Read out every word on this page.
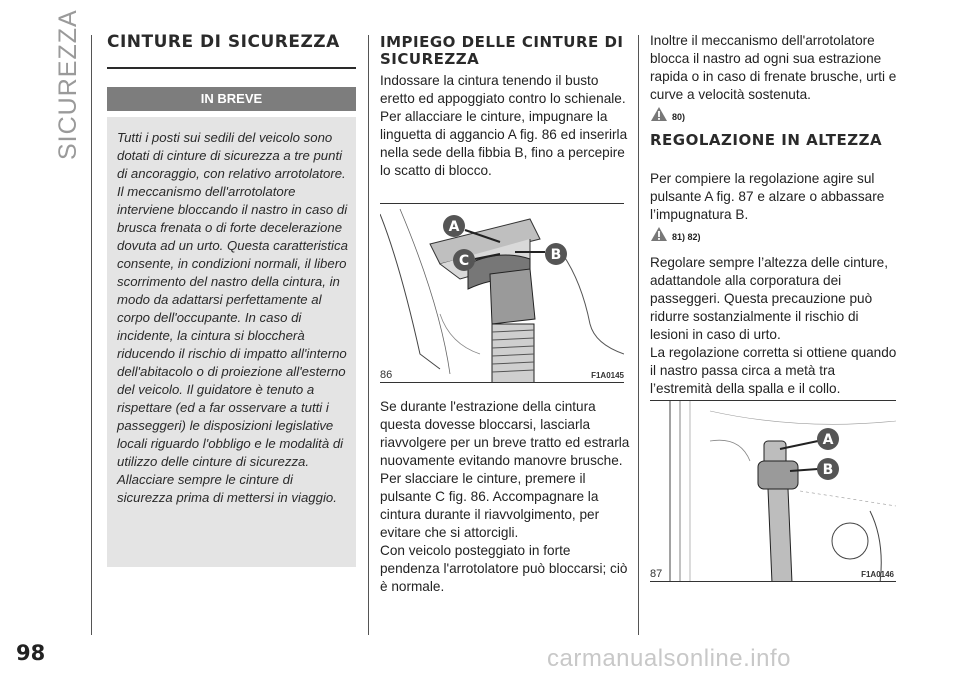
SICUREZZA CINTURE DI SICUREZZA
IN BREVE

Tutti i posti sui sedili del veicolo sono dotati di cinture di sicurezza a tre punti di ancoraggio, con relativo arrotolatore. Il meccanismo dell'arrotolatore interviene bloccando il nastro in caso di brusca frenata o di forte decelerazione dovuta ad un urto. Questa caratteristica consente, in condizioni normali, il libero scorrimento del nastro della cintura, in modo da adattarsi perfettamente al corpo dell'occupante. In caso di incidente, la cintura si bloccherà riducendo il rischio di impatto all'interno dell'abitacolo o di proiezione all'esterno del veicolo. Il guidatore è tenuto a rispettare (ed a far osservare a tutti i passeggeri) le disposizioni legislative locali riguardo l'obbligo e le modalità di utilizzo delle cinture di sicurezza. Allacciare sempre le cinture di sicurezza prima di mettersi in viaggio.

IMPIEGO DELLE CINTURE DI SICUREZZA

Indossare la cintura tenendo il busto eretto ed appoggiato contro lo schienale.

Per allacciare le cinture, impugnare la linguetta di aggancio A fig. 86 ed inserirla nella sede della fibbia B, fino a percepire lo scatto di blocco.

A
C	B
86	F1A0145

Se durante l'estrazione della cintura questa dovesse bloccarsi, lasciarla riavvolgere per un breve tratto ed estrarla nuovamente evitando manovre brusche.

Per slacciare le cinture, premere il pulsante C fig. 86. Accompagnare la cintura durante il riavvolgimento, per evitare che si attorcigli.

Con veicolo posteggiato in forte pendenza l'arrotolatore può bloccarsi; ciò è normale.

Inoltre il meccanismo dell'arrotolatore blocca il nastro ad ogni sua estrazione rapida o in caso di frenate brusche, urti e curve a velocità sostenuta.

80)
REGOLAZIONE IN ALTEZZA

Per compiere la regolazione agire sul pulsante A fig. 87 e alzare o abbassare l’impugnatura B.

81) 82)

Regolare sempre l’altezza delle cinture, adattandole alla corporatura dei passeggeri. Questa precauzione può ridurre sostanzialmente il rischio di lesioni in caso di urto.

La regolazione corretta si ottiene quando il nastro passa circa a metà tra l’estremità della spalla e il collo.

A
B
87	F1A0146
98	carmanualsonline.info
